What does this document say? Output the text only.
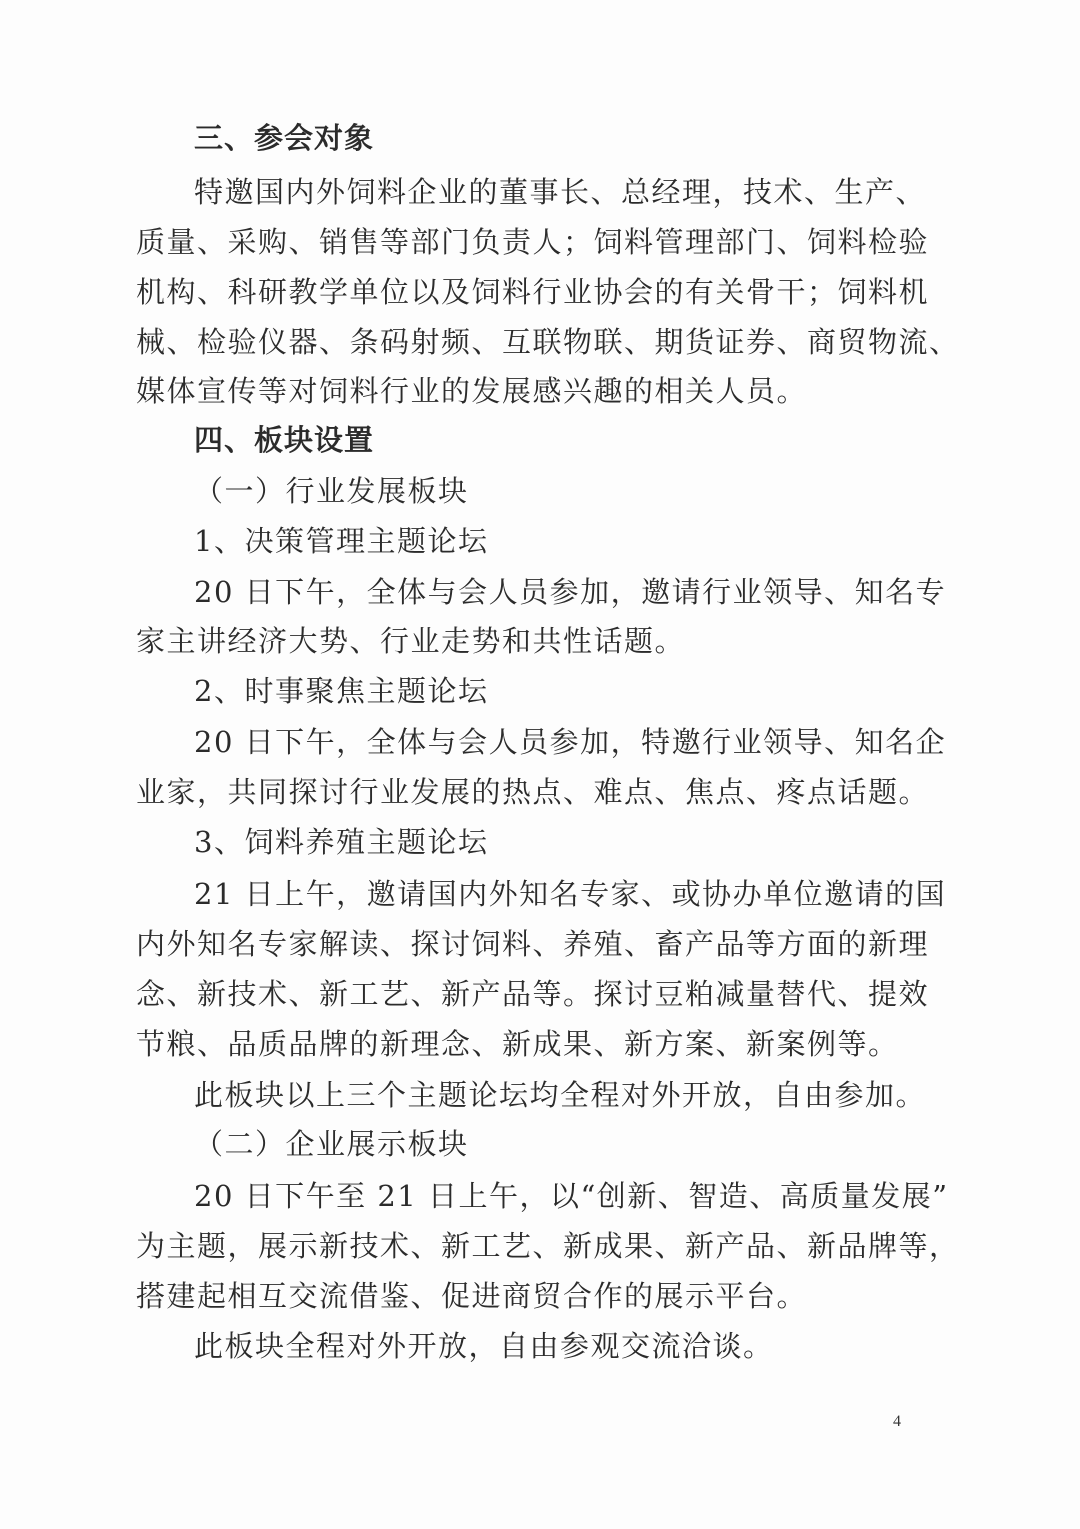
三、参会对象
特邀国内外饲料企业的董事长、总经理，技术、生产、
质量、采购、销售等部门负责人；饲料管理部门、饲料检验
机构、科研教学单位以及饲料行业协会的有关骨干；饲料机
械、检验仪器、条码射频、互联物联、期货证券、商贸物流、
媒体宣传等对饲料行业的发展感兴趣的相关人员。
四、板块设置
（一）行业发展板块
1、决策管理主题论坛
20 日下午，全体与会人员参加，邀请行业领导、知名专
家主讲经济大势、行业走势和共性话题。
2、时事聚焦主题论坛
20 日下午，全体与会人员参加，特邀行业领导、知名企
业家，共同探讨行业发展的热点、难点、焦点、疼点话题。
3、饲料养殖主题论坛
21 日上午，邀请国内外知名专家、或协办单位邀请的国
内外知名专家解读、探讨饲料、养殖、畜产品等方面的新理
念、新技术、新工艺、新产品等。探讨豆粕减量替代、提效
节粮、品质品牌的新理念、新成果、新方案、新案例等。
此板块以上三个主题论坛均全程对外开放，自由参加。
（二）企业展示板块
20 日下午至 21 日上午，以“创新、智造、高质量发展”
为主题，展示新技术、新工艺、新成果、新产品、新品牌等，
搭建起相互交流借鉴、促进商贸合作的展示平台。
此板块全程对外开放，自由参观交流洽谈。
4
